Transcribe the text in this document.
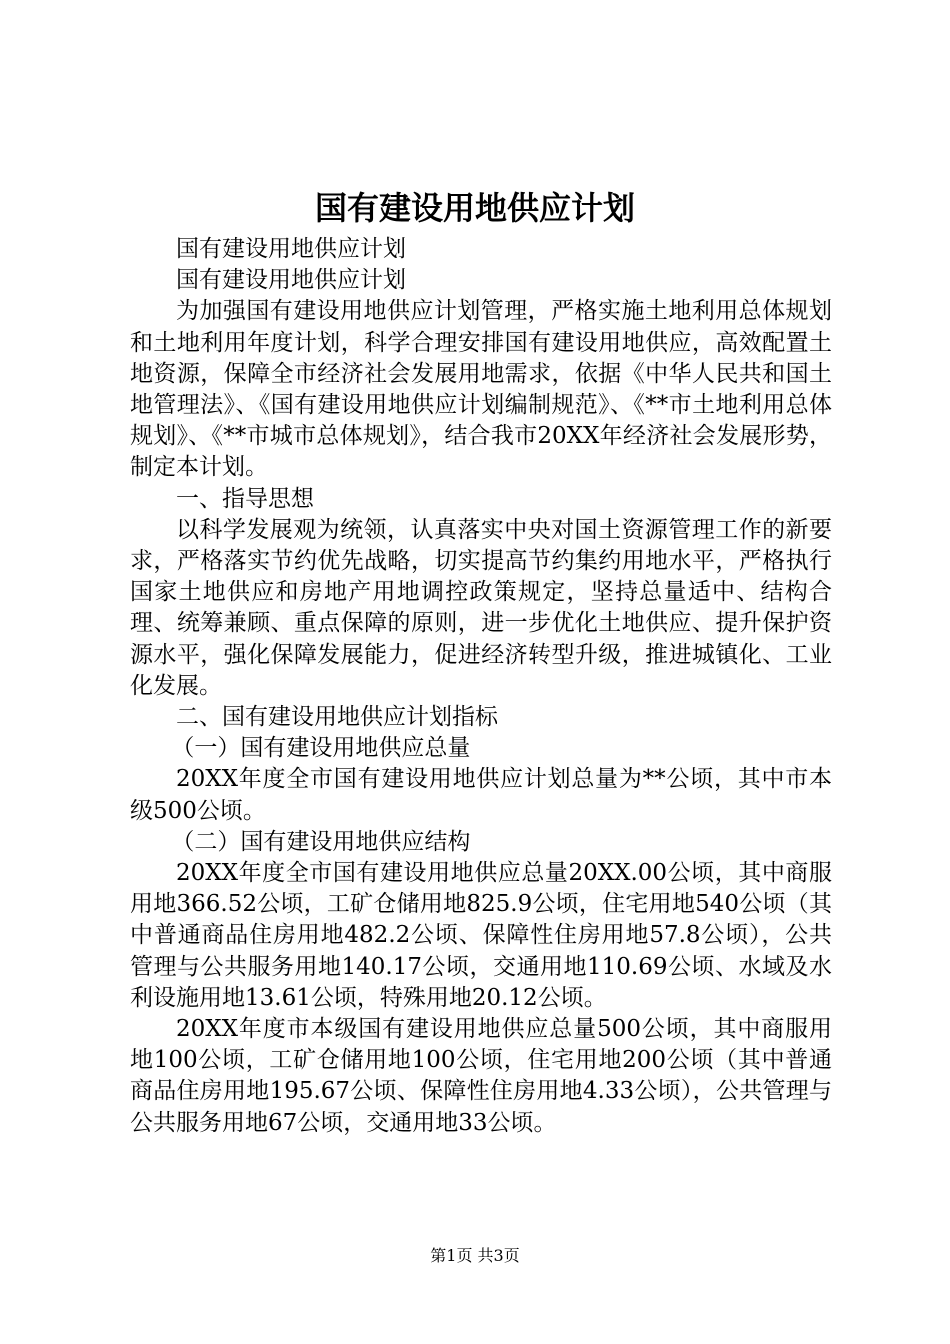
国有建设用地供应计划

国有建设用地供应计划

国有建设用地供应计划

为加强国有建设用地供应计划管理，严格实施土地利用总体规划和土地利用年度计划，科学合理安排国有建设用地供应，高效配置土地资源，保障全市经济社会发展用地需求，依据《中华人民共和国土地管理法》、《国有建设用地供应计划编制规范》、《**市土地利用总体规划》、《**市城市总体规划》，结合我市20XX年经济社会发展形势，制定本计划。

一、指导思想

以科学发展观为统领，认真落实中央对国土资源管理工作的新要求，严格落实节约优先战略，切实提高节约集约用地水平，严格执行国家土地供应和房地产用地调控政策规定，坚持总量适中、结构合理、统筹兼顾、重点保障的原则，进一步优化土地供应、提升保护资源水平，强化保障发展能力，促进经济转型升级，推进城镇化、工业化发展。

二、国有建设用地供应计划指标

（一）国有建设用地供应总量

20XX年度全市国有建设用地供应计划总量为**公顷，其中市本级500公顷。

（二）国有建设用地供应结构

20XX年度全市国有建设用地供应总量20XX.00公顷，其中商服用地366.52公顷，工矿仓储用地825.9公顷，住宅用地540公顷（其中普通商品住房用地482.2公顷、保障性住房用地57.8公顷），公共管理与公共服务用地140.17公顷，交通用地110.69公顷、水域及水利设施用地13.61公顷，特殊用地20.12公顷。

20XX年度市本级国有建设用地供应总量500公顷，其中商服用地100公顷，工矿仓储用地100公顷，住宅用地200公顷（其中普通商品住房用地195.67公顷、保障性住房用地4.33公顷），公共管理与公共服务用地67公顷，交通用地33公顷。

第1页 共3页
